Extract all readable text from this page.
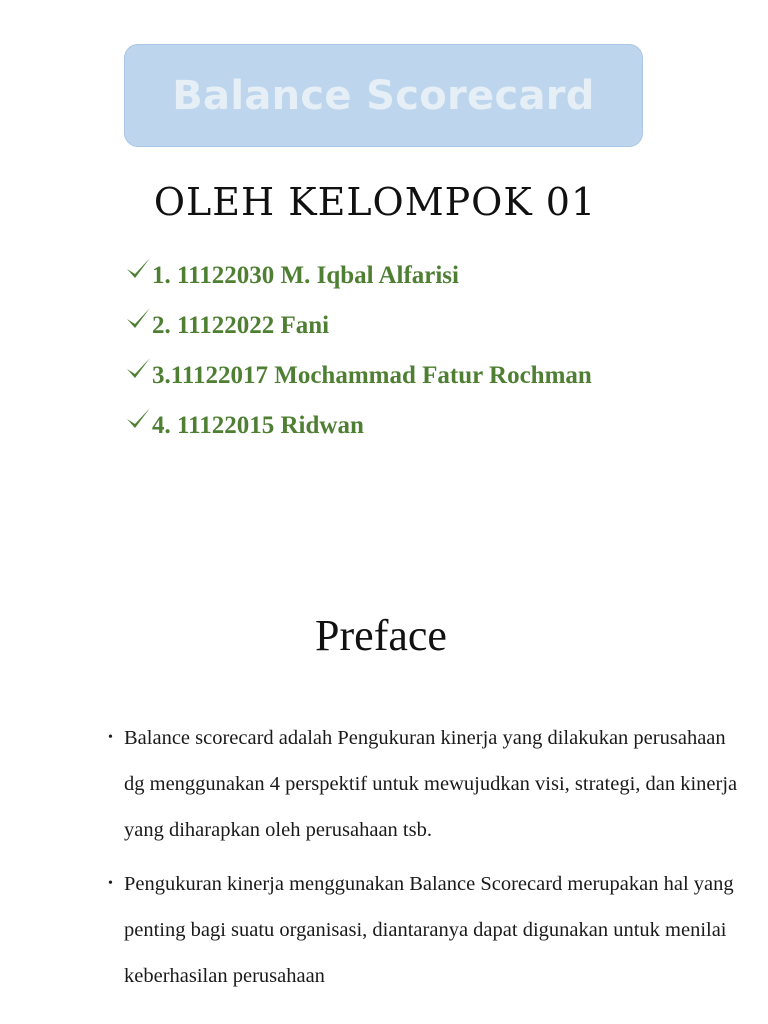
Balance Scorecard
OLEH KELOMPOK 01
1. 11122030 M. Iqbal Alfarisi
2. 11122022 Fani
3.11122017 Mochammad Fatur Rochman
4. 11122015 Ridwan
Preface
• Balance scorecard adalah Pengukuran kinerja yang dilakukan perusahaan dg menggunakan 4 perspektif untuk mewujudkan visi, strategi, dan kinerja yang diharapkan oleh perusahaan tsb.
• Pengukuran kinerja menggunakan Balance Scorecard merupakan hal yang penting bagi suatu organisasi, diantaranya dapat digunakan untuk menilai keberhasilan perusahaan
